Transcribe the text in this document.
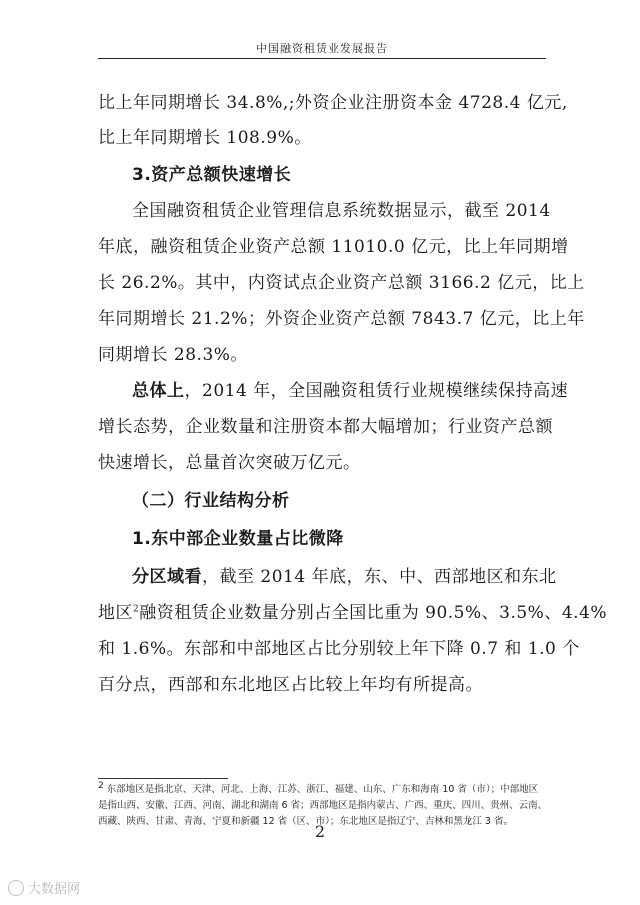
中国融资租赁业发展报告
比上年同期增长 34.8%,;外资企业注册资本金 4728.4 亿元,
比上年同期增长 108.9%。
3.资产总额快速增长
全国融资租赁企业管理信息系统数据显示，截至 2014
年底，融资租赁企业资产总额 11010.0 亿元，比上年同期增
长 26.2%。其中，内资试点企业资产总额 3166.2 亿元，比上
年同期增长 21.2%；外资企业资产总额 7843.7 亿元，比上年
同期增长 28.3%。
总体上，2014 年，全国融资租赁行业规模继续保持高速
增长态势，企业数量和注册资本都大幅增加；行业资产总额
快速增长，总量首次突破万亿元。
（二）行业结构分析
1.东中部企业数量占比微降
分区域看，截至 2014 年底，东、中、西部地区和东北
地区$^2$融资租赁企业数量分别占全国比重为 90.5%、3.5%、4.4%
和 1.6%。东部和中部地区占比分别较上年下降 0.7 和 1.0 个
百分点，西部和东北地区占比较上年均有所提高。
$^2$ 东部地区是指北京、天津、河北、上海、江苏、浙江、福建、山东、广东和海南 10 省（市）；中部地区
是指山西、安徽、江西、河南、湖北和湖南 6 省；西部地区是指内蒙古、广西、重庆、四川、贵州、云南、
西藏、陕西、甘肃、青海、宁夏和新疆 12 省（区、市）；东北地区是指辽宁、吉林和黑龙江 3 省。
2
大数据网
